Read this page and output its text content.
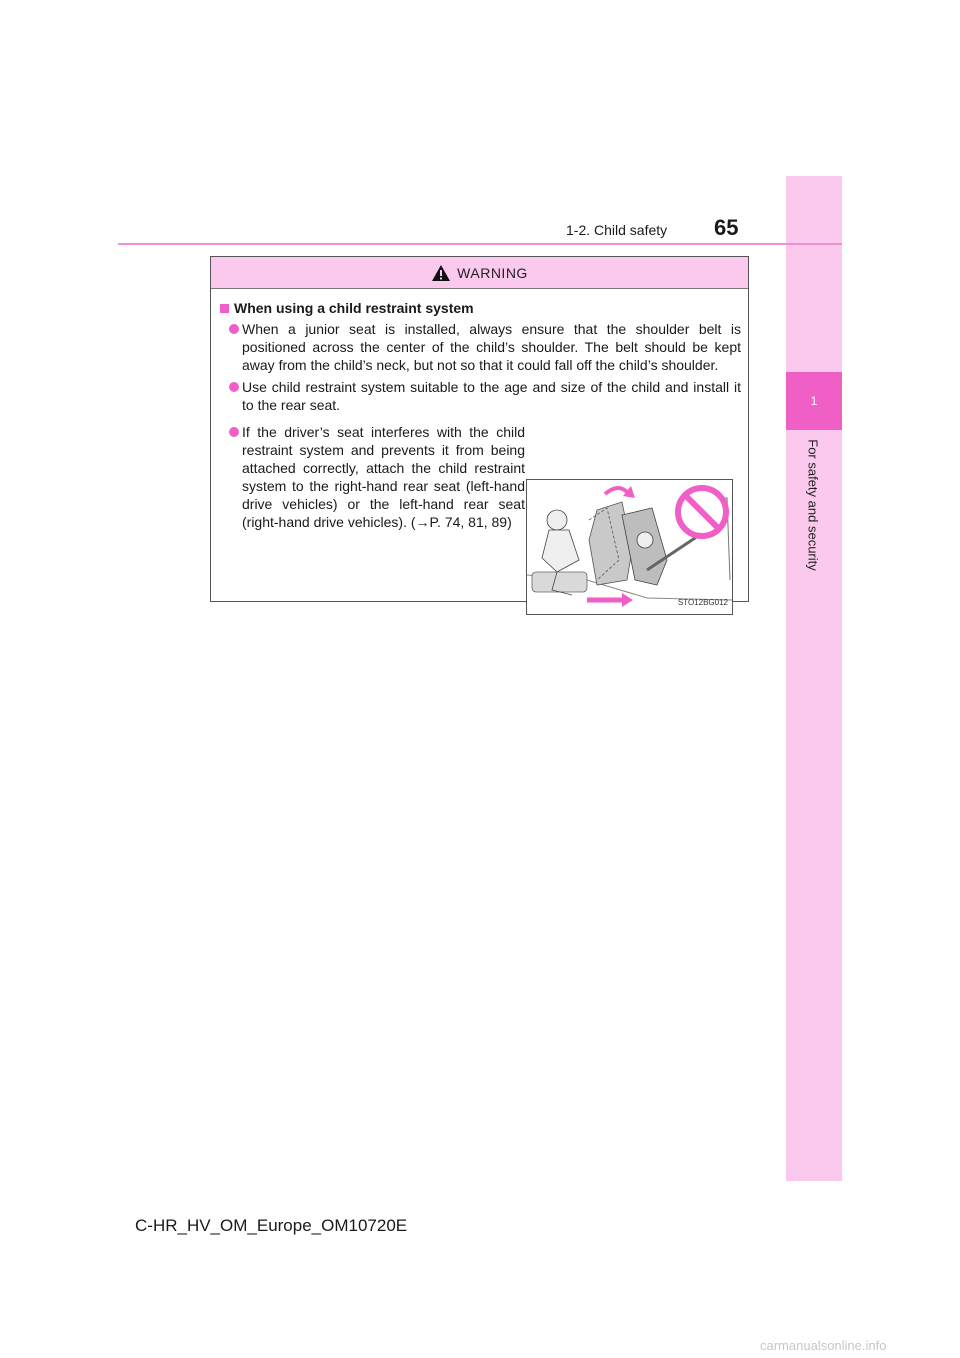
1
For safety and security
1-2. Child safety 65
WARNING
When using a child restraint system
When a junior seat is installed, always ensure that the shoulder belt is positioned across the center of the child’s shoulder. The belt should be kept away from the child’s neck, but not so that it could fall off the child’s shoulder.
Use child restraint system suitable to the age and size of the child and install it to the rear seat.
If the driver’s seat interferes with the child restraint system and prevents it from being attached correctly, attach the child restraint system to the right-hand rear seat (left-hand drive vehicles) or the left-hand rear seat (right-hand drive vehicles). (→P. 74, 81, 89)
STO12BG012
C-HR_HV_OM_Europe_OM10720E
carmanualsonline.info
